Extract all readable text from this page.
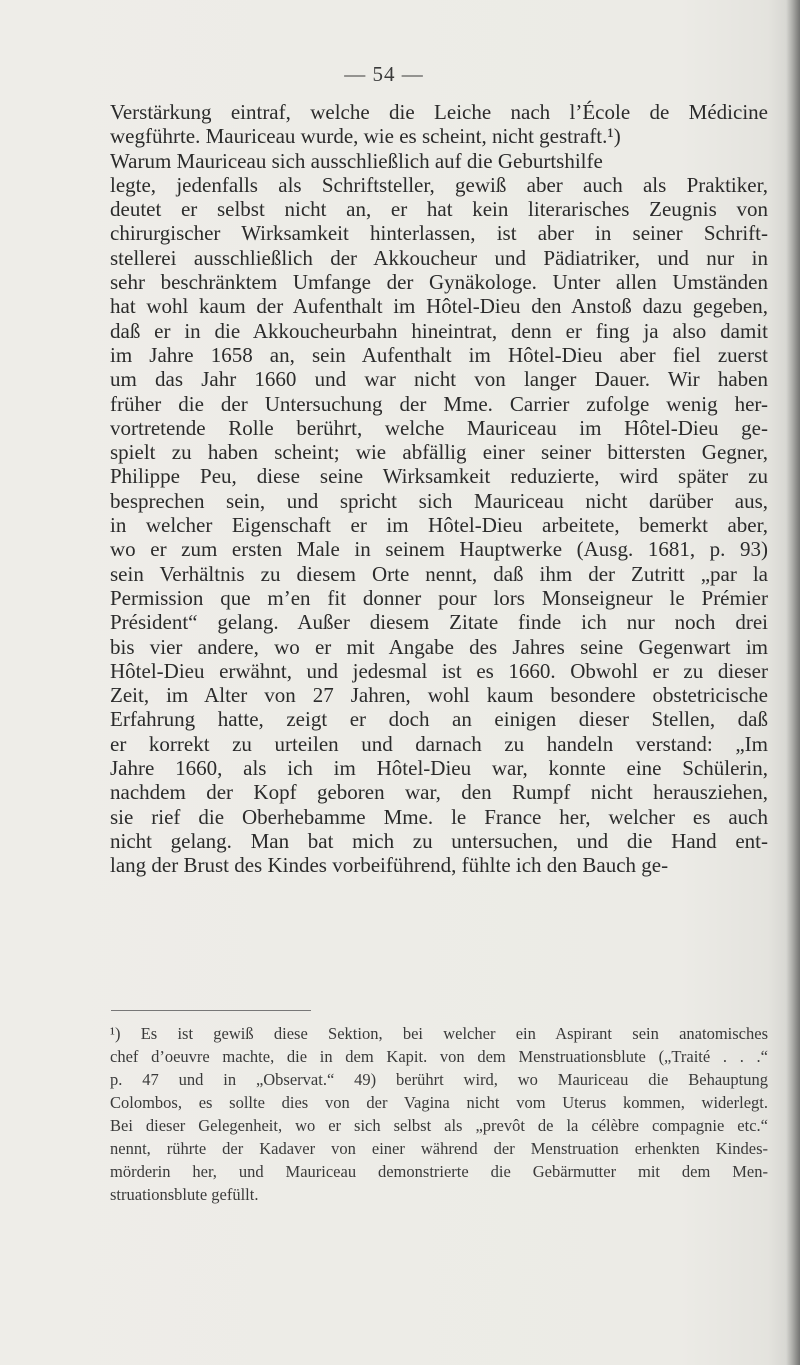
— 54 —
Verstärkung eintraf, welche die Leiche nach l’École de Médicine
wegführte. Mauriceau wurde, wie es scheint, nicht gestraft.¹)
Warum Mauriceau sich ausschließlich auf die Geburtshilfe
legte, jedenfalls als Schriftsteller, gewiß aber auch als Praktiker,
deutet er selbst nicht an, er hat kein literarisches Zeugnis von
chirurgischer Wirksamkeit hinterlassen, ist aber in seiner Schrift-
stellerei ausschließlich der Akkoucheur und Pädiatriker, und nur in
sehr beschränktem Umfange der Gynäkologe. Unter allen Umständen
hat wohl kaum der Aufenthalt im Hôtel-Dieu den Anstoß dazu gegeben,
daß er in die Akkoucheurbahn hineintrat, denn er fing ja also damit
im Jahre 1658 an, sein Aufenthalt im Hôtel-Dieu aber fiel zuerst
um das Jahr 1660 und war nicht von langer Dauer. Wir haben
früher die der Untersuchung der Mme. Carrier zufolge wenig her-
vortretende Rolle berührt, welche Mauriceau im Hôtel-Dieu ge-
spielt zu haben scheint; wie abfällig einer seiner bittersten Gegner,
Philippe Peu, diese seine Wirksamkeit reduzierte, wird später zu
besprechen sein, und spricht sich Mauriceau nicht darüber aus,
in welcher Eigenschaft er im Hôtel-Dieu arbeitete, bemerkt aber,
wo er zum ersten Male in seinem Hauptwerke (Ausg. 1681, p. 93)
sein Verhältnis zu diesem Orte nennt, daß ihm der Zutritt „par la
Permission que m’en fit donner pour lors Monseigneur le Prémier
Président“ gelang. Außer diesem Zitate finde ich nur noch drei
bis vier andere, wo er mit Angabe des Jahres seine Gegenwart im
Hôtel-Dieu erwähnt, und jedesmal ist es 1660. Obwohl er zu dieser
Zeit, im Alter von 27 Jahren, wohl kaum besondere obstetricische
Erfahrung hatte, zeigt er doch an einigen dieser Stellen, daß
er korrekt zu urteilen und darnach zu handeln verstand: „Im
Jahre 1660, als ich im Hôtel-Dieu war, konnte eine Schülerin,
nachdem der Kopf geboren war, den Rumpf nicht herausziehen,
sie rief die Oberhebamme Mme. le France her, welcher es auch
nicht gelang. Man bat mich zu untersuchen, und die Hand ent-
lang der Brust des Kindes vorbeiführend, fühlte ich den Bauch ge-
¹) Es ist gewiß diese Sektion, bei welcher ein Aspirant sein anatomisches
chef d’oeuvre machte, die in dem Kapit. von dem Menstruationsblute („Traité . . .“
p. 47 und in „Observat.“ 49) berührt wird, wo Mauriceau die Behauptung
Colombos, es sollte dies von der Vagina nicht vom Uterus kommen, widerlegt.
Bei dieser Gelegenheit, wo er sich selbst als „prevôt de la célèbre compagnie etc.“
nennt, rührte der Kadaver von einer während der Menstruation erhenkten Kindes-
mörderin her, und Mauriceau demonstrierte die Gebärmutter mit dem Men-
struationsblute gefüllt.
